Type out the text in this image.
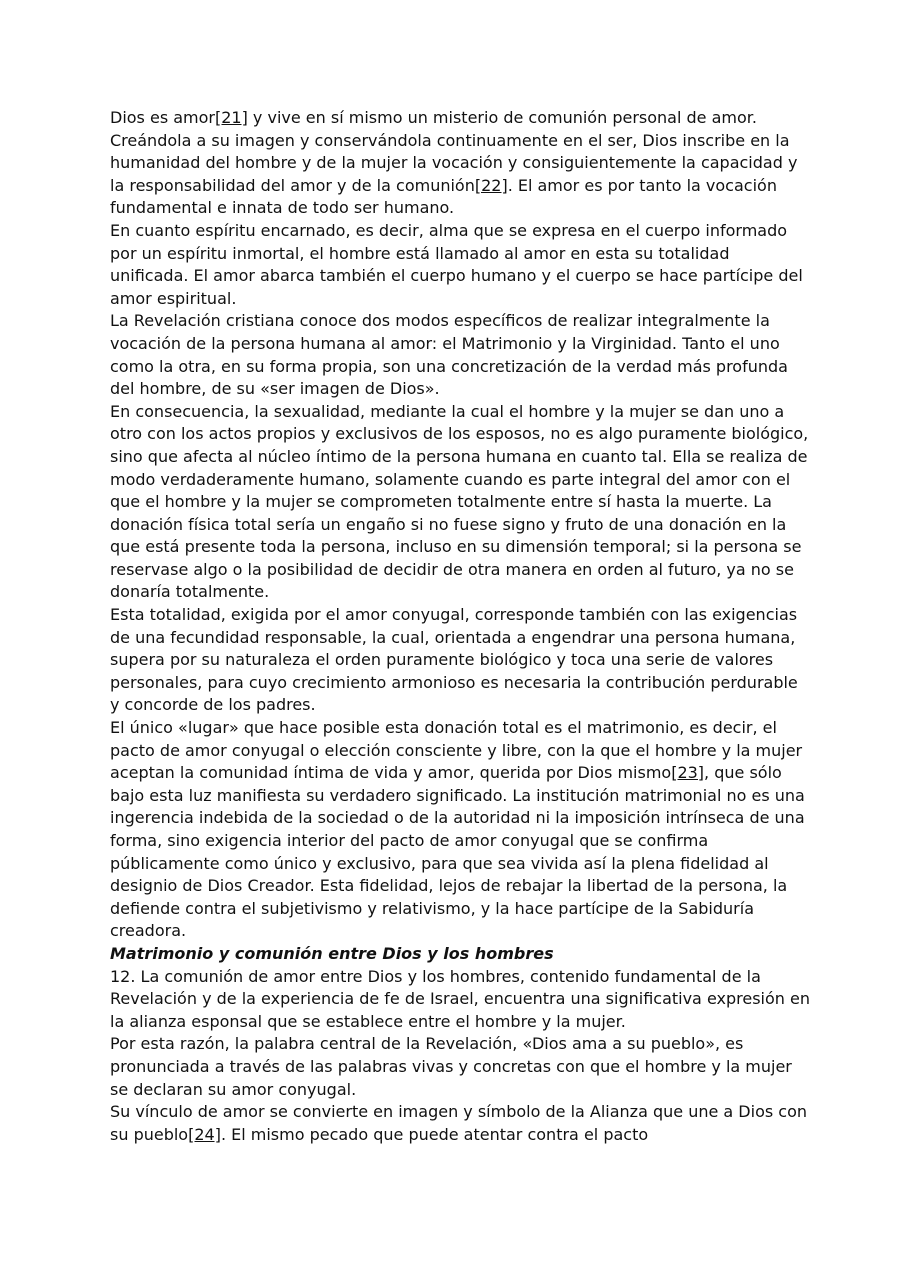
Dios es amor[21] y vive en sí mismo un misterio de comunión personal de amor. Creándola a su imagen y conservándola continuamente en el ser, Dios inscribe en la humanidad del hombre y de la mujer la vocación y consiguientemente la capacidad y la responsabilidad del amor y de la comunión[22]. El amor es por tanto la vocación fundamental e innata de todo ser humano.

En cuanto espíritu encarnado, es decir, alma que se expresa en el cuerpo informado por un espíritu inmortal, el hombre está llamado al amor en esta su totalidad unificada. El amor abarca también el cuerpo humano y el cuerpo se hace partícipe del amor espiritual.

La Revelación cristiana conoce dos modos específicos de realizar integralmente la vocación de la persona humana al amor: el Matrimonio y la Virginidad. Tanto el uno como la otra, en su forma propia, son una concretización de la verdad más profunda del hombre, de su «ser imagen de Dios».

En consecuencia, la sexualidad, mediante la cual el hombre y la mujer se dan uno a otro con los actos propios y exclusivos de los esposos, no es algo puramente biológico, sino que afecta al núcleo íntimo de la persona humana en cuanto tal. Ella se realiza de modo verdaderamente humano, solamente cuando es parte integral del amor con el que el hombre y la mujer se comprometen totalmente entre sí hasta la muerte. La donación física total sería un engaño si no fuese signo y fruto de una donación en la que está presente toda la persona, incluso en su dimensión temporal; si la persona se reservase algo o la posibilidad de decidir de otra manera en orden al futuro, ya no se donaría totalmente.

Esta totalidad, exigida por el amor conyugal, corresponde también con las exigencias de una fecundidad responsable, la cual, orientada a engendrar una persona humana, supera por su naturaleza el orden puramente biológico y toca una serie de valores personales, para cuyo crecimiento armonioso es necesaria la contribución perdurable y concorde de los padres.

El único «lugar» que hace posible esta donación total es el matrimonio, es decir, el pacto de amor conyugal o elección consciente y libre, con la que el hombre y la mujer aceptan la comunidad íntima de vida y amor, querida por Dios mismo[23], que sólo bajo esta luz manifiesta su verdadero significado. La institución matrimonial no es una ingerencia indebida de la sociedad o de la autoridad ni la imposición intrínseca de una forma, sino exigencia interior del pacto de amor conyugal que se confirma públicamente como único y exclusivo, para que sea vivida así la plena fidelidad al designio de Dios Creador. Esta fidelidad, lejos de rebajar la libertad de la persona, la defiende contra el subjetivismo y relativismo, y la hace partícipe de la Sabiduría creadora.

Matrimonio y comunión entre Dios y los hombres

12. La comunión de amor entre Dios y los hombres, contenido fundamental de la Revelación y de la experiencia de fe de Israel, encuentra una significativa expresión en la alianza esponsal que se establece entre el hombre y la mujer.

Por esta razón, la palabra central de la Revelación, «Dios ama a su pueblo», es pronunciada a través de las palabras vivas y concretas con que el hombre y la mujer se declaran su amor conyugal.

Su vínculo de amor se convierte en imagen y símbolo de la Alianza que une a Dios con su pueblo[24]. El mismo pecado que puede atentar contra el pacto
